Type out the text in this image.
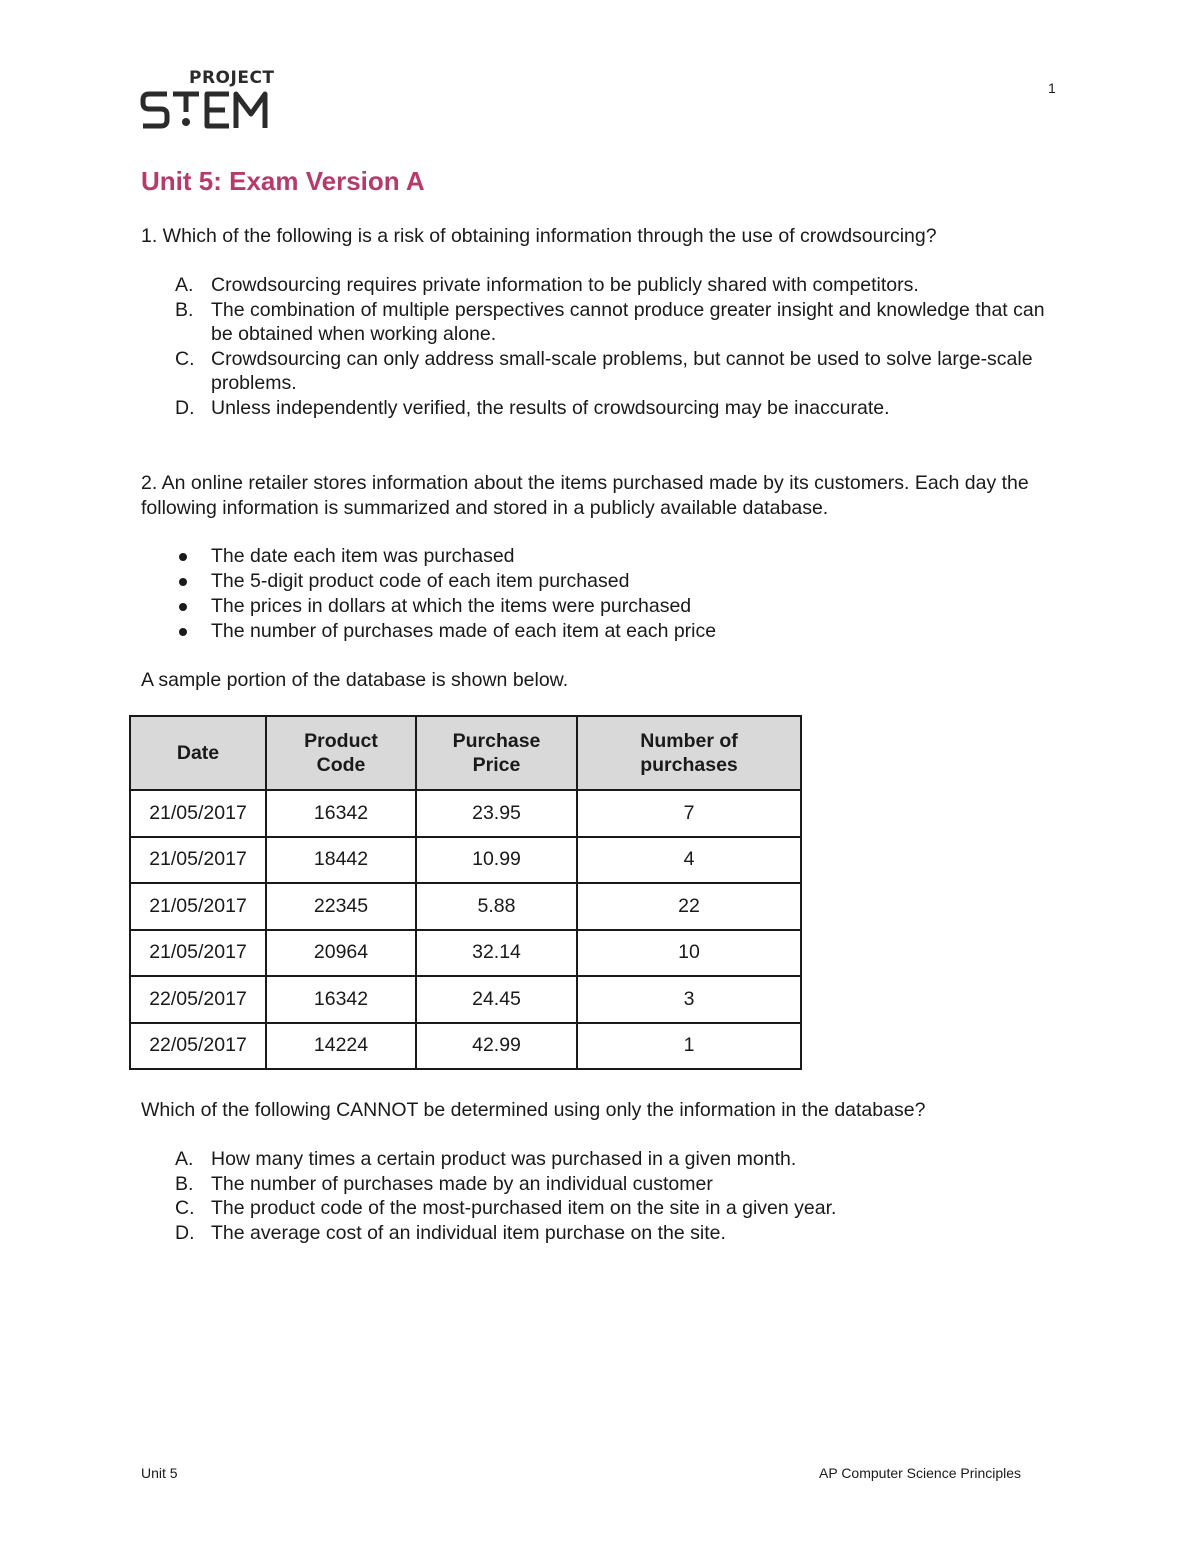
PROJECT
STEM	1
Unit 5: Exam Version A

1. Which of the following is a risk of obtaining information through the use of crowdsourcing?

A. Crowdsourcing requires private information to be publicly shared with competitors.
B. The combination of multiple perspectives cannot produce greater insight and knowledge that can be obtained when working alone.
C. Crowdsourcing can only address small-scale problems, but cannot be used to solve large-scale problems.
D. Unless independently verified, the results of crowdsourcing may be inaccurate.

2. An online retailer stores information about the items purchased made by its customers. Each day the following information is summarized and stored in a publicly available database.

The date each item was purchased
The 5-digit product code of each item purchased
The prices in dollars at which the items were purchased
The number of purchases made of each item at each price

A sample portion of the database is shown below.

Date	Product Code	Purchase Price	Number of purchases

21/05/2017	16342	23.95	7
21/05/2017	18442	10.99	4
21/05/2017	22345	5.88	22
21/05/2017	20964	32.14	10
22/05/2017	16342	24.45	3
22/05/2017	14224	42.99	1

Which of the following CANNOT be determined using only the information in the database?

A. How many times a certain product was purchased in a given month.
B. The number of purchases made by an individual customer
C. The product code of the most-purchased item on the site in a given year.
D. The average cost of an individual item purchase on the site.
Unit 5	AP Computer Science Principles
